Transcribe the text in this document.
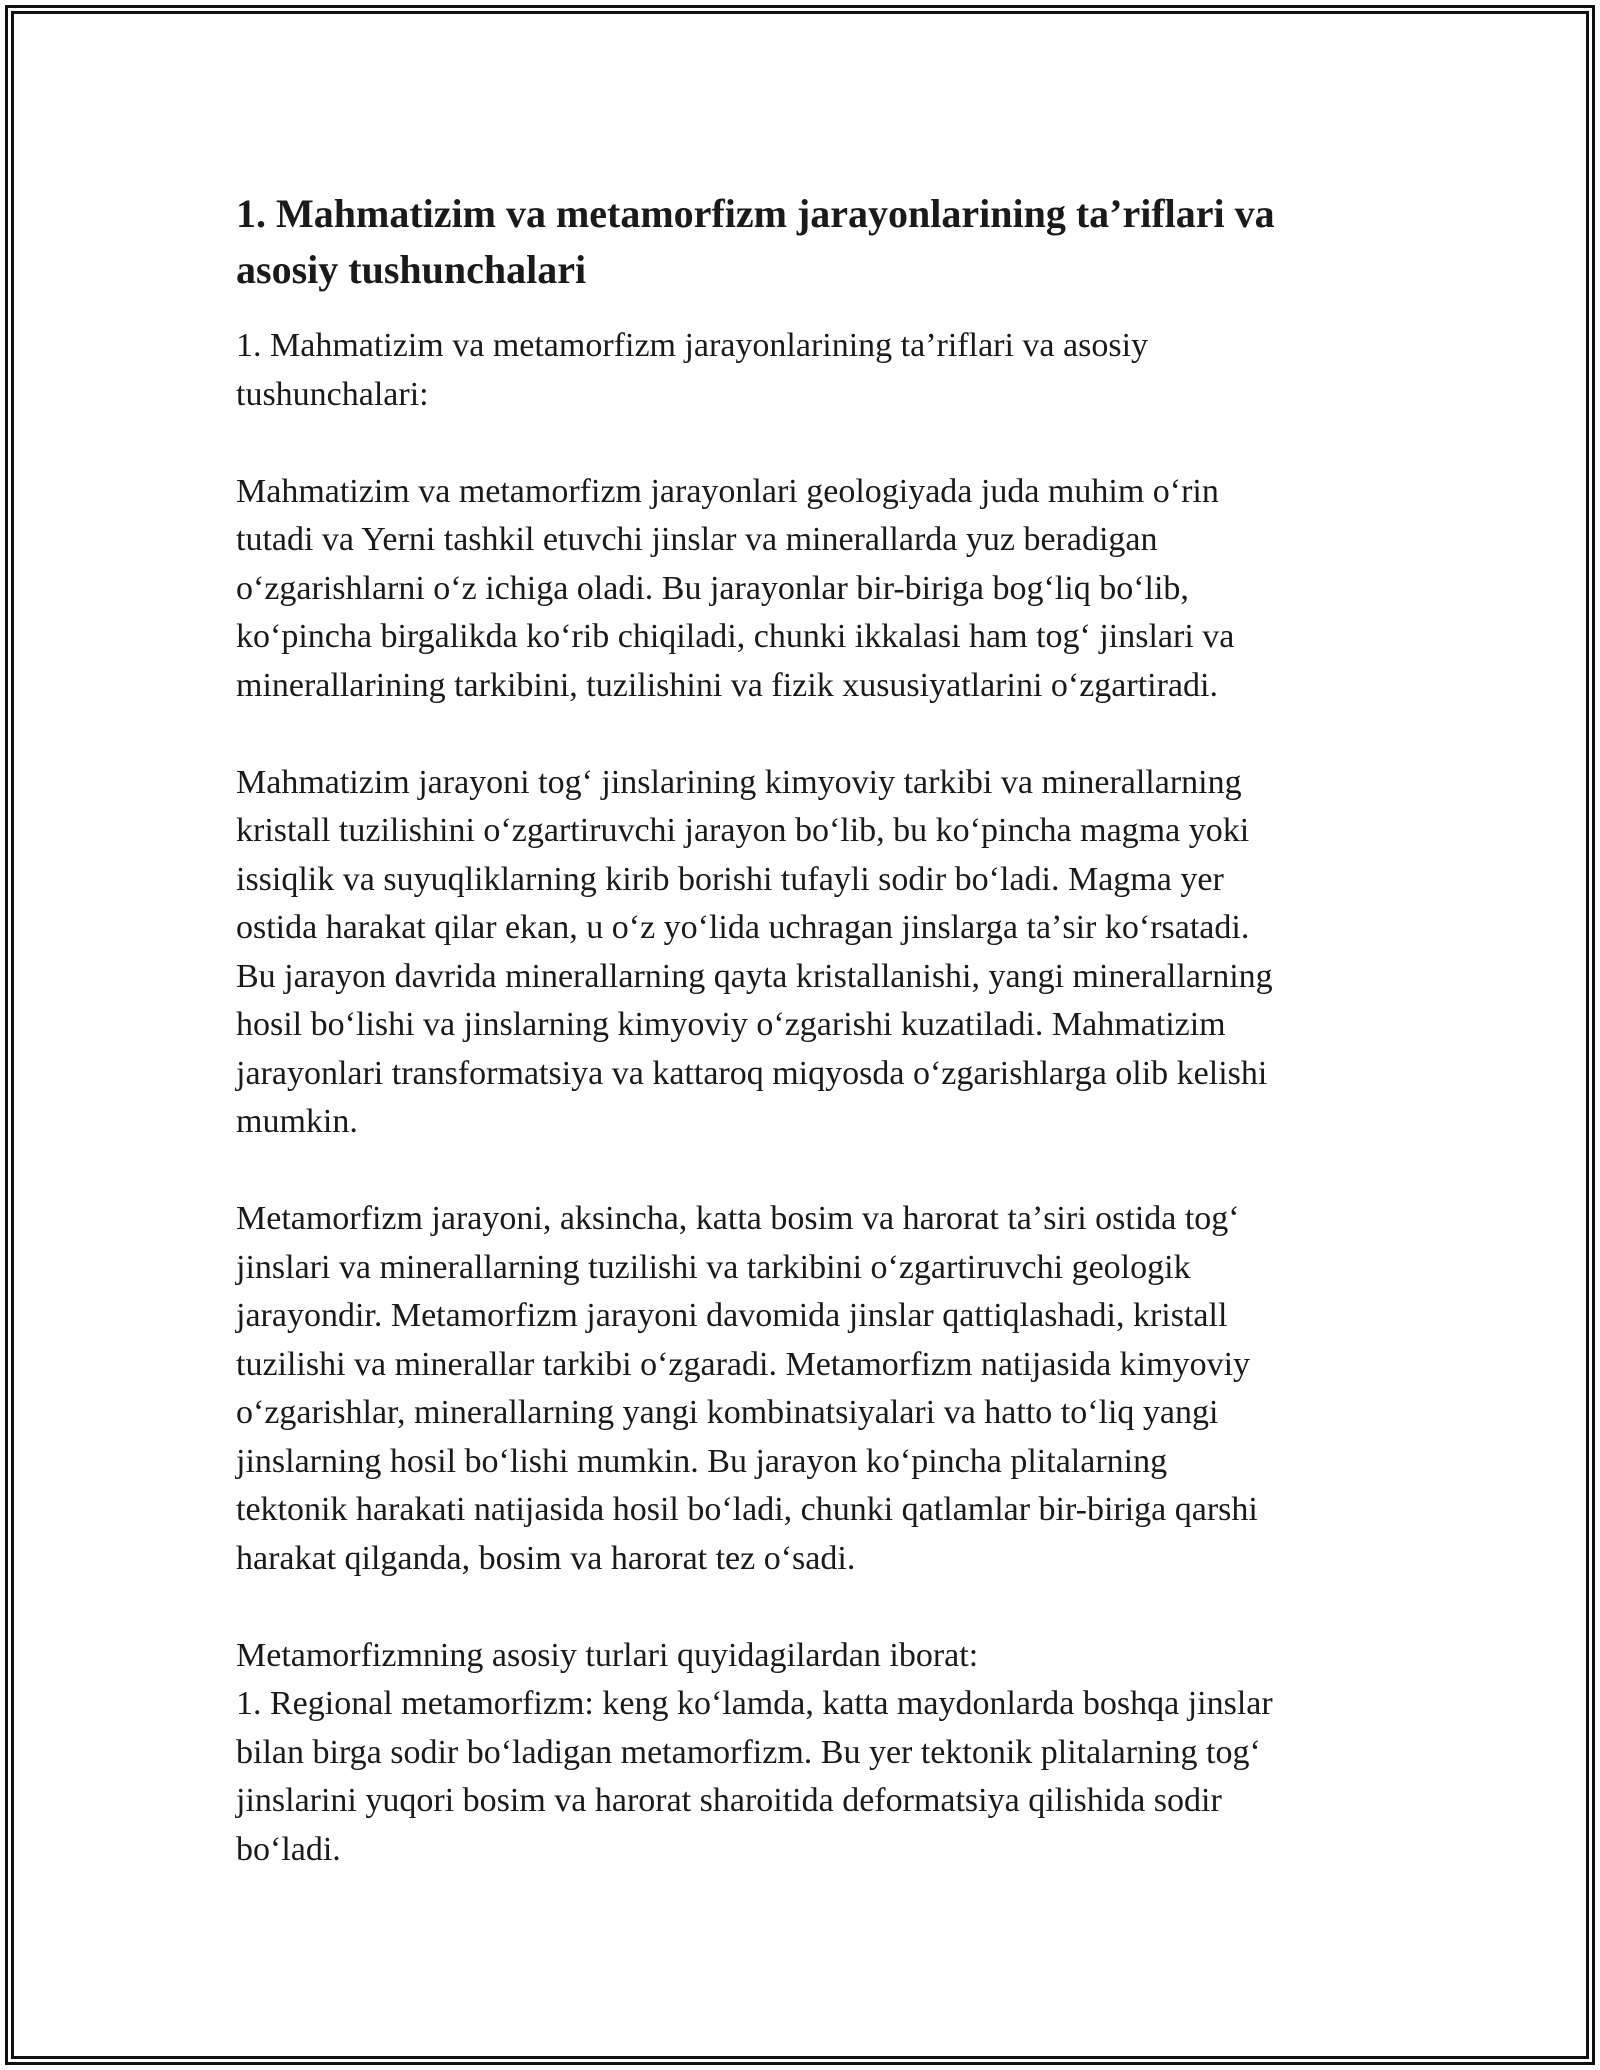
1. Mahmatizim va metamorfizm jarayonlarining ta’riflari va
asosiy tushunchalari

1. Mahmatizim va metamorfizm jarayonlarining ta’riflari va asosiy
tushunchalari:

Mahmatizim va metamorfizm jarayonlari geologiyada juda muhim oʻrin
tutadi va Yerni tashkil etuvchi jinslar va minerallarda yuz beradigan
oʻzgarishlarni oʻz ichiga oladi. Bu jarayonlar bir-biriga bogʻliq boʻlib,
koʻpincha birgalikda koʻrib chiqiladi, chunki ikkalasi ham togʻ jinslari va
minerallarining tarkibini, tuzilishini va fizik xususiyatlarini oʻzgartiradi.

Mahmatizim jarayoni togʻ jinslarining kimyoviy tarkibi va minerallarning
kristall tuzilishini oʻzgartiruvchi jarayon boʻlib, bu koʻpincha magma yoki
issiqlik va suyuqliklarning kirib borishi tufayli sodir boʻladi. Magma yer
ostida harakat qilar ekan, u oʻz yoʻlida uchragan jinslarga taʼsir koʻrsatadi.
Bu jarayon davrida minerallarning qayta kristallanishi, yangi minerallarning
hosil boʻlishi va jinslarning kimyoviy oʻzgarishi kuzatiladi. Mahmatizim
jarayonlari transformatsiya va kattaroq miqyosda oʻzgarishlarga olib kelishi
mumkin.

Metamorfizm jarayoni, aksincha, katta bosim va harorat taʼsiri ostida togʻ
jinslari va minerallarning tuzilishi va tarkibini oʻzgartiruvchi geologik
jarayondir. Metamorfizm jarayoni davomida jinslar qattiqlashadi, kristall
tuzilishi va minerallar tarkibi oʻzgaradi. Metamorfizm natijasida kimyoviy
oʻzgarishlar, minerallarning yangi kombinatsiyalari va hatto toʻliq yangi
jinslarning hosil boʻlishi mumkin. Bu jarayon koʻpincha plitalarning
tektonik harakati natijasida hosil boʻladi, chunki qatlamlar bir-biriga qarshi
harakat qilganda, bosim va harorat tez oʻsadi.

Metamorfizmning asosiy turlari quyidagilardan iborat:
1. Regional metamorfizm: keng koʻlamda, katta maydonlarda boshqa jinslar
bilan birga sodir boʻladigan metamorfizm. Bu yer tektonik plitalarning togʻ
jinslarini yuqori bosim va harorat sharoitida deformatsiya qilishida sodir
boʻladi.
